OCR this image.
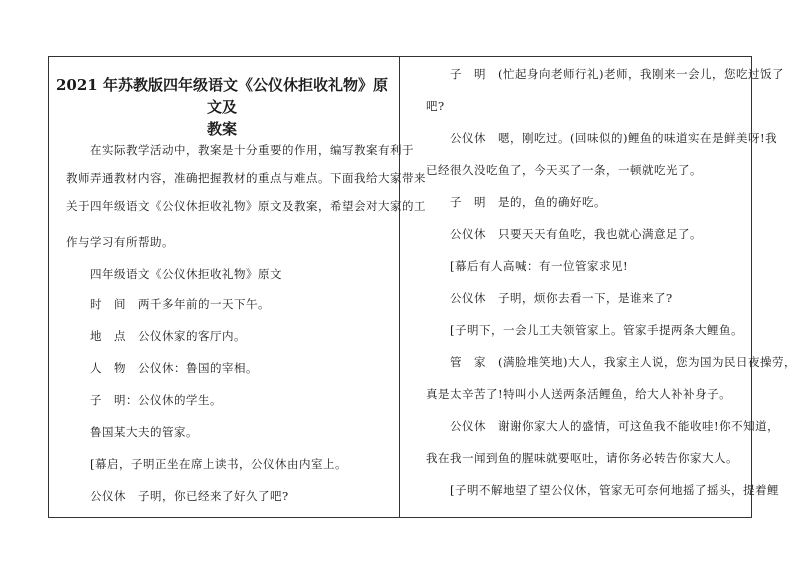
2021 年苏教版四年级语文《公仪休拒收礼物》原文及
教案
在实际教学活动中，教案是十分重要的作用，编写教案有利于
教师弄通教材内容，准确把握教材的重点与难点。下面我给大家带来
关于四年级语文《公仪休拒收礼物》原文及教案，希望会对大家的工
作与学习有所帮助。
四年级语文《公仪休拒收礼物》原文
时　间　两千多年前的一天下午。
地　点　公仪休家的客厅内。
人　物　公仪休：鲁国的宰相。
子　明：公仪休的学生。
鲁国某大夫的管家。
[幕启，子明正坐在席上读书，公仪休由内室上。
公仪休　子明，你已经来了好久了吧?
子　明　(忙起身向老师行礼)老师，我刚来一会儿，您吃过饭了
吧?
公仪休　嗯，刚吃过。(回味似的)鲤鱼的味道实在是鲜美呀!我
已经很久没吃鱼了，今天买了一条，一顿就吃光了。
子　明　是的，鱼的确好吃。
公仪休　只要天天有鱼吃，我也就心满意足了。
[幕后有人高喊：有一位管家求见!
公仪休　子明，烦你去看一下，是谁来了?
[子明下，一会儿工夫领管家上。管家手提两条大鲤鱼。
管　家　(满脸堆笑地)大人，我家主人说，您为国为民日夜操劳，
真是太辛苦了!特叫小人送两条活鲤鱼，给大人补补身子。
公仪休　谢谢你家大人的盛情，可这鱼我不能收哇!你不知道，
我在我一闻到鱼的腥味就要呕吐，请你务必转告你家大人。
[子明不解地望了望公仪休，管家无可奈何地摇了摇头，提着鲤
